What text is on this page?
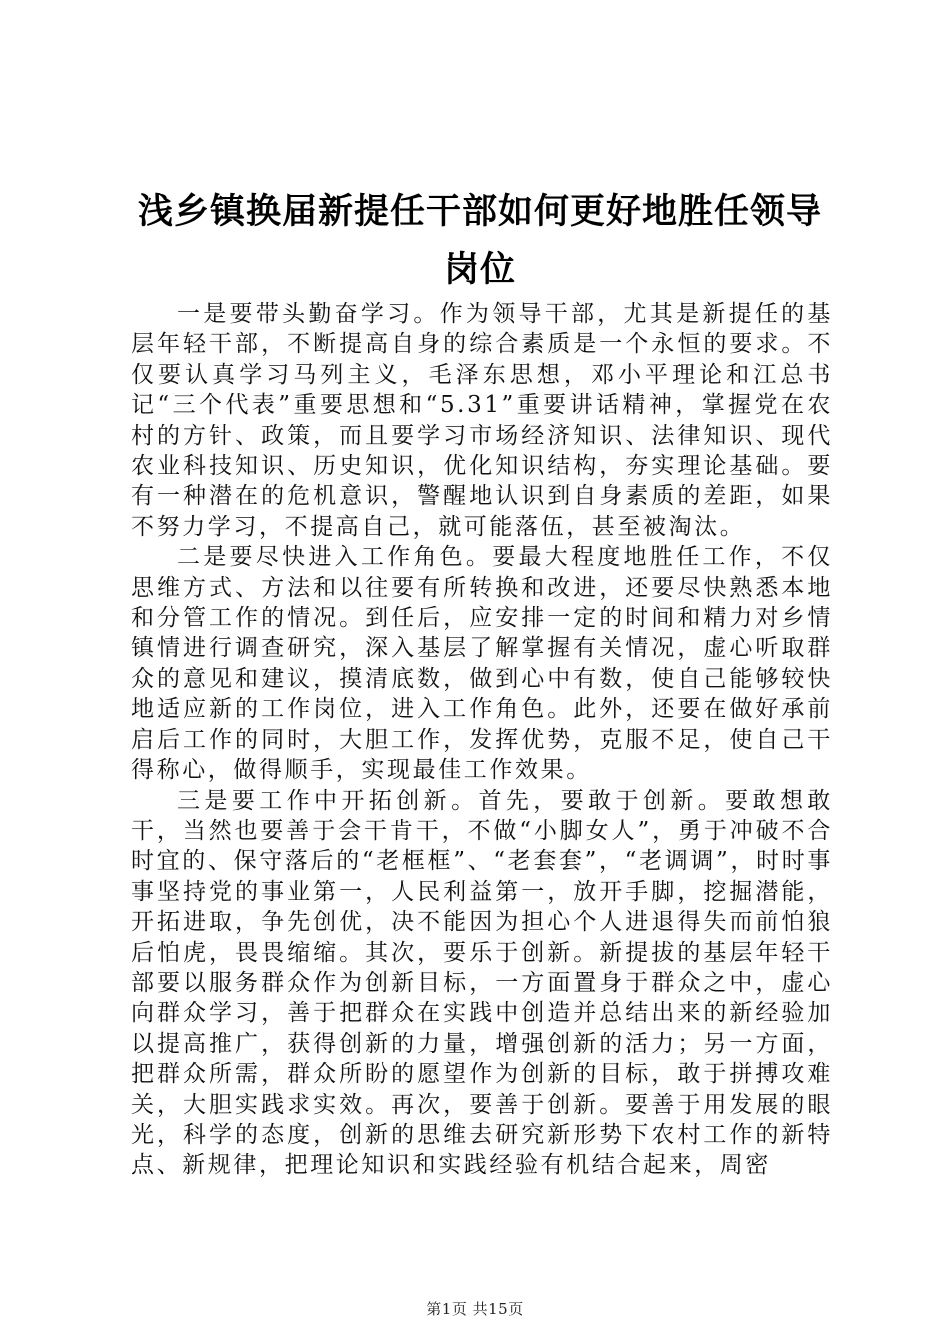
浅乡镇换届新提任干部如何更好地胜任领导岗位

一是要带头勤奋学习。作为领导干部，尤其是新提任的基层年轻干部，不断提高自身的综合素质是一个永恒的要求。不仅要认真学习马列主义，毛泽东思想，邓小平理论和江总书记“三个代表”重要思想和“5.31”重要讲话精神，掌握党在农村的方针、政策，而且要学习市场经济知识、法律知识、现代农业科技知识、历史知识，优化知识结构，夯实理论基础。要有一种潜在的危机意识，警醒地认识到自身素质的差距，如果不努力学习，不提高自己，就可能落伍，甚至被淘汰。

二是要尽快进入工作角色。要最大程度地胜任工作，不仅思维方式、方法和以往要有所转换和改进，还要尽快熟悉本地和分管工作的情况。到任后，应安排一定的时间和精力对乡情镇情进行调查研究，深入基层了解掌握有关情况，虚心听取群众的意见和建议，摸清底数，做到心中有数，使自己能够较快地适应新的工作岗位，进入工作角色。此外，还要在做好承前启后工作的同时，大胆工作，发挥优势，克服不足，使自己干得称心，做得顺手，实现最佳工作效果。

三是要工作中开拓创新。首先，要敢于创新。要敢想敢干，当然也要善于会干肯干，不做“小脚女人”，勇于冲破不合时宜的、保守落后的“老框框”、“老套套”，“老调调”，时时事事坚持党的事业第一，人民利益第一，放开手脚，挖掘潜能，开拓进取，争先创优，决不能因为担心个人进退得失而前怕狼后怕虎，畏畏缩缩。其次，要乐于创新。新提拔的基层年轻干部要以服务群众作为创新目标，一方面置身于群众之中，虚心向群众学习，善于把群众在实践中创造并总结出来的新经验加以提高推广，获得创新的力量，增强创新的活力；另一方面，把群众所需，群众所盼的愿望作为创新的目标，敢于拼搏攻难关，大胆实践求实效。再次，要善于创新。要善于用发展的眼光，科学的态度，创新的思维去研究新形势下农村工作的新特点、新规律，把理论知识和实践经验有机结合起来，周密

第1页 共15页
